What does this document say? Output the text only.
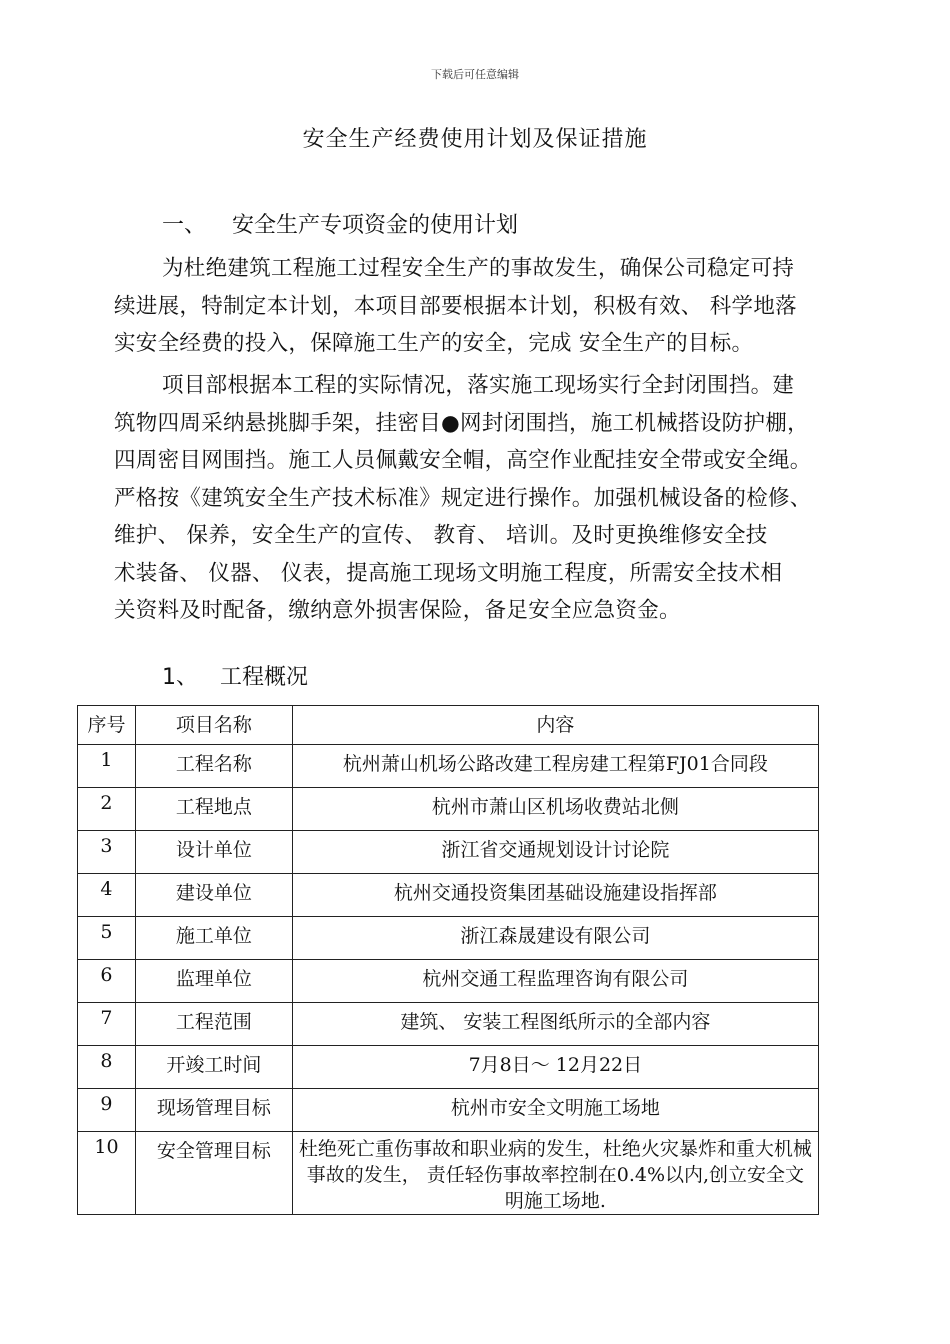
下载后可任意编辑
安全生产经费使用计划及保证措施
一、 安全生产专项资金的使用计划
为杜绝建筑工程施工过程安全生产的事故发生，确保公司稳定可持
续进展，特制定本计划，本项目部要根据本计划，积极有效、 科学地落
实安全经费的投入，保障施工生产的安全，完成 安全生产的目标。
项目部根据本工程的实际情况，落实施工现场实行全封闭围挡。建
筑物四周采纳悬挑脚手架，挂密目●网封闭围挡，施工机械搭设防护棚，
四周密目网围挡。施工人员佩戴安全帽，高空作业配挂安全带或安全绳。
严格按《建筑安全生产技术标准》规定进行操作。加强机械设备的检修、
维护、 保养，安全生产的宣传、 教育、 培训。及时更换维修安全技
术装备、 仪器、 仪表，提高施工现场文明施工程度，所需安全技术相
关资料及时配备，缴纳意外损害保险，备足安全应急资金。
1、 工程概况
序号	项目名称	内容
1	工程名称	杭州萧山机场公路改建工程房建工程第FJ01合同段
2	工程地点	杭州市萧山区机场收费站北侧
3	设计单位	浙江省交通规划设计讨论院
4	建设单位	杭州交通投资集团基础设施建设指挥部
5	施工单位	浙江森晟建设有限公司
6	监理单位	杭州交通工程监理咨询有限公司
7	工程范围	建筑、 安装工程图纸所示的全部内容
8	开竣工时间	7月8日～ 12月22日
9	现场管理目标	杭州市安全文明施工场地
10	安全管理目标	杜绝死亡重伤事故和职业病的发生，杜绝火灾暴炸和重大机械事故的发生， 责任轻伤事故率控制在0.4%以内,创立安全文明施工场地.
